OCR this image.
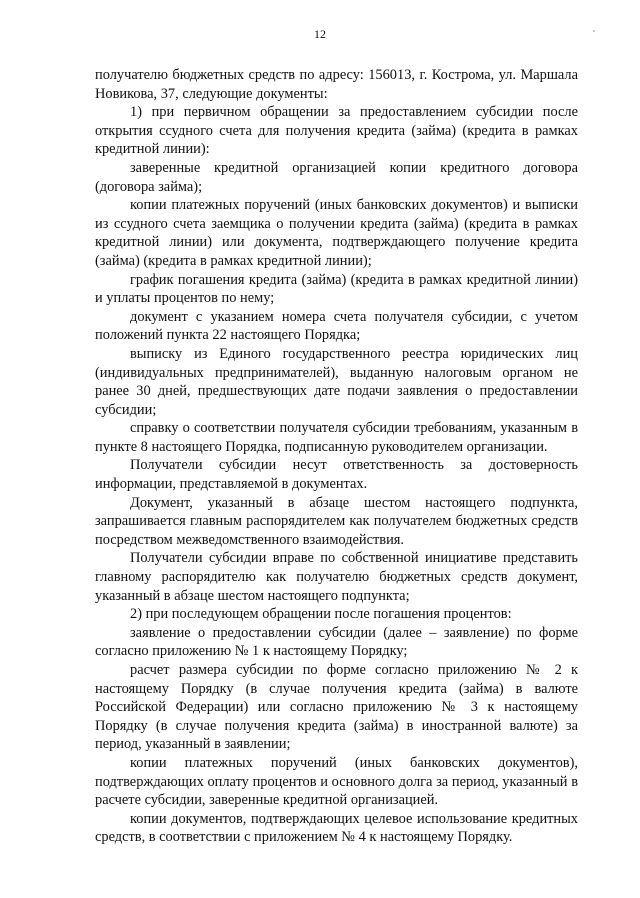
12

получателю бюджетных средств по адресу: 156013, г. Кострома, ул. Маршала Новикова, 37, следующие документы:

1) при первичном обращении за предоставлением субсидии после открытия ссудного счета для получения кредита (займа) (кредита в рамках кредитной линии):

заверенные кредитной организацией копии кредитного договора (договора займа);

копии платежных поручений (иных банковских документов) и выписки из ссудного счета заемщика о получении кредита (займа) (кредита в рамках кредитной линии) или документа, подтверждающего получение кредита (займа) (кредита в рамках кредитной линии);

график погашения кредита (займа) (кредита в рамках кредитной линии) и уплаты процентов по нему;

документ с указанием номера счета получателя субсидии, с учетом положений пункта 22 настоящего Порядка;

выписку из Единого государственного реестра юридических лиц (индивидуальных предпринимателей), выданную налоговым органом не ранее 30 дней, предшествующих дате подачи заявления о предоставлении субсидии;

справку о соответствии получателя субсидии требованиям, указанным в пункте 8 настоящего Порядка, подписанную руководителем организации.

Получатели субсидии несут ответственность за достоверность информации, представляемой в документах.

Документ, указанный в абзаце шестом настоящего подпункта, запрашивается главным распорядителем как получателем бюджетных средств посредством межведомственного взаимодействия.

Получатели субсидии вправе по собственной инициативе представить главному распорядителю как получателю бюджетных средств документ, указанный в абзаце шестом настоящего подпункта;

2) при последующем обращении после погашения процентов:

заявление о предоставлении субсидии (далее – заявление) по форме согласно приложению № 1 к настоящему Порядку;

расчет размера субсидии по форме согласно приложению № 2 к настоящему Порядку (в случае получения кредита (займа) в валюте Российской Федерации) или согласно приложению № 3 к настоящему Порядку (в случае получения кредита (займа) в иностранной валюте) за период, указанный в заявлении;

копии платежных поручений (иных банковских документов), подтверждающих оплату процентов и основного долга за период, указанный в расчете субсидии, заверенные кредитной организацией.

копии документов, подтверждающих целевое использование кредитных средств, в соответствии с приложением № 4 к настоящему Порядку.
